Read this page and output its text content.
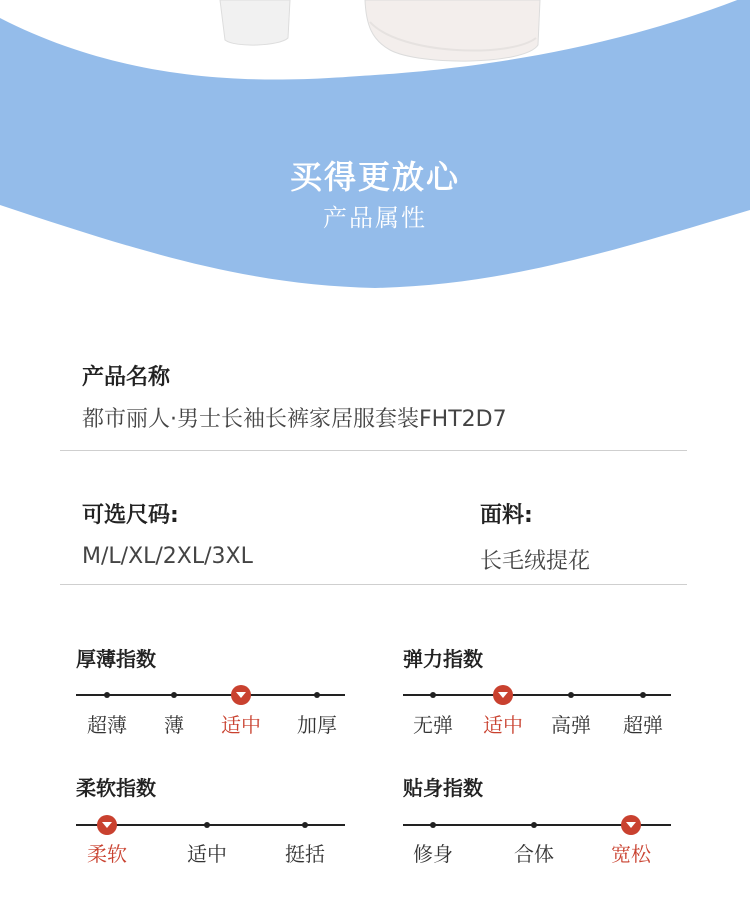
买得更放心
产品属性
产品名称
都市丽人·男士长袖长裤家居服套装FHT2D7
可选尺码:
M/L/XL/2XL/3XL
面料:
长毛绒提花
厚薄指数
超薄 薄 适中 加厚
弹力指数
无弹 适中 高弹 超弹
柔软指数
柔软	适中	挺括
贴身指数
修身	合体	宽松
